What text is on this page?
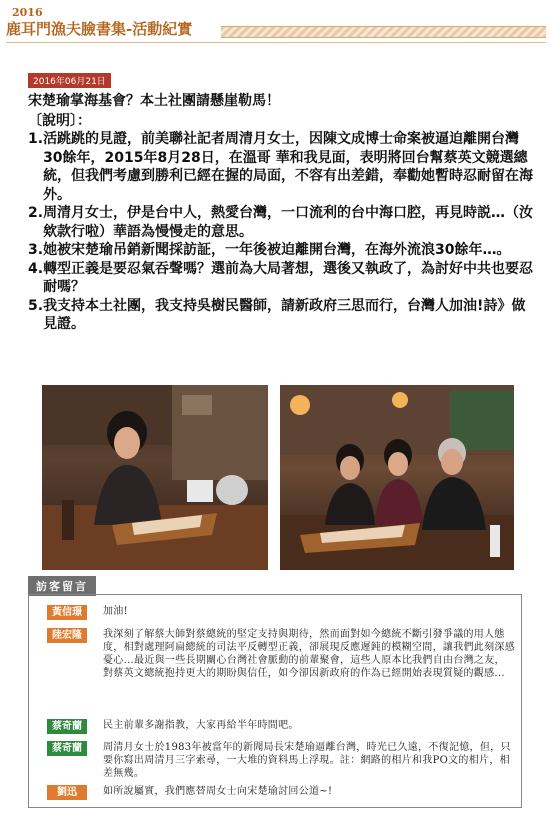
2016
鹿耳門漁夫臉書集-活動紀實
2016年06月21日
宋楚瑜掌海基會？本土社團請懸崖勒馬！
〔說明〕：
1. 活跳跳的見證，前美聯社記者周清月女士，因陳文成博士命案被逼迫離開台灣30餘年，2015年8月28日，在溫哥 華和我見面，表明將回台幫蔡英文競選總統，但我們考慮到勝利已經在握的局面，不容有出差錯，奉勸她暫時忍耐留在海外。
2. 周清月女士，伊是台中人，熱愛台灣，一口流利的台中海口腔，再見時説…（汝欸款行啦）華語為慢慢走的意思。
3. 她被宋楚瑜吊銷新聞採訪証，一年後被迫離開台灣，在海外流浪30餘年…。
4. 轉型正義是要忍氣吞聲嗎？選前為大局著想，選後又執政了，為討好中共也要忍耐嗎？
5. 我支持本土社團，我支持吳樹民醫師，請新政府三思而行，台灣人加油!詩》做見證。
訪客留言
黃信璟	加油!
陸宏隆	我深刻了解蔡大師對蔡總統的堅定支持與期待，然而面對如今總統不斷引發爭議的用人態度，相對處理阿扁總統的司法平反轉型正義，卻展現反應遲鈍的模糊空間，讓我們此刻深感憂心...最近與一些長期關心台灣社會脈動的前輩聚會，這些人原本比我們自由台灣之友，對蔡英文總統抱持更大的期盼與信任，如今卻因新政府的作為已經開始表現質疑的觀感...
蔡奇蘭	民主前輩多謝指教，大家再給半年時間吧。
蔡奇蘭	周清月女士於1983年被當年的新聞局長宋楚瑜逼離台灣，時光已久遠，不復記憶，但，只要你寫出周清月三字索尋，一大堆的資料馬上浮現。註：網路的相片和我PO文的相片，相差無幾。
劉迅	如所說屬實，我們應替周女士向宋楚瑜討回公道~!
